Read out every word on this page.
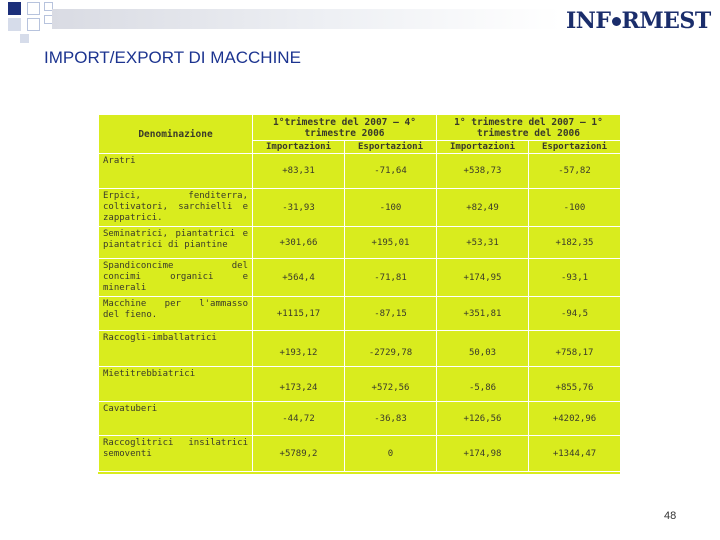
INF RMEST
IMPORT/EXPORT DI MACCHINE
Denominazione	1°trimestre del 2007 – 4° trimestre 2006		1° trimestre del 2007 – 1° trimestre del 2006	
	Importazioni	Esportazioni	Importazioni	Esportazioni

Aratri	+83,31	-71,64	+538,73	-57,82

Erpici, fenditerra,
coltivatori, sarchielli e
zappatrici.	-31,93	-100	+82,49	-100

Seminatrici, piantatrici e
piantatrici di piantine	+301,66	+195,01	+53,31	+182,35

Spandiconcime del
concimi organici e
minerali	+564,4	-71,81	+174,95	-93,1

Macchine per l'ammasso
del fieno.	+1115,17	-87,15	+351,81	-94,5

Raccogli-imballatrici	+193,12	-2729,78	50,03	+758,17

Mietitrebbiatrici	+173,24	+572,56	-5,86	+855,76

Cavatuberi	-44,72	-36,83	+126,56	+4202,96

Raccoglitrici insilatrici
semoventi	+5789,2	0	+174,98	+1344,47
48
